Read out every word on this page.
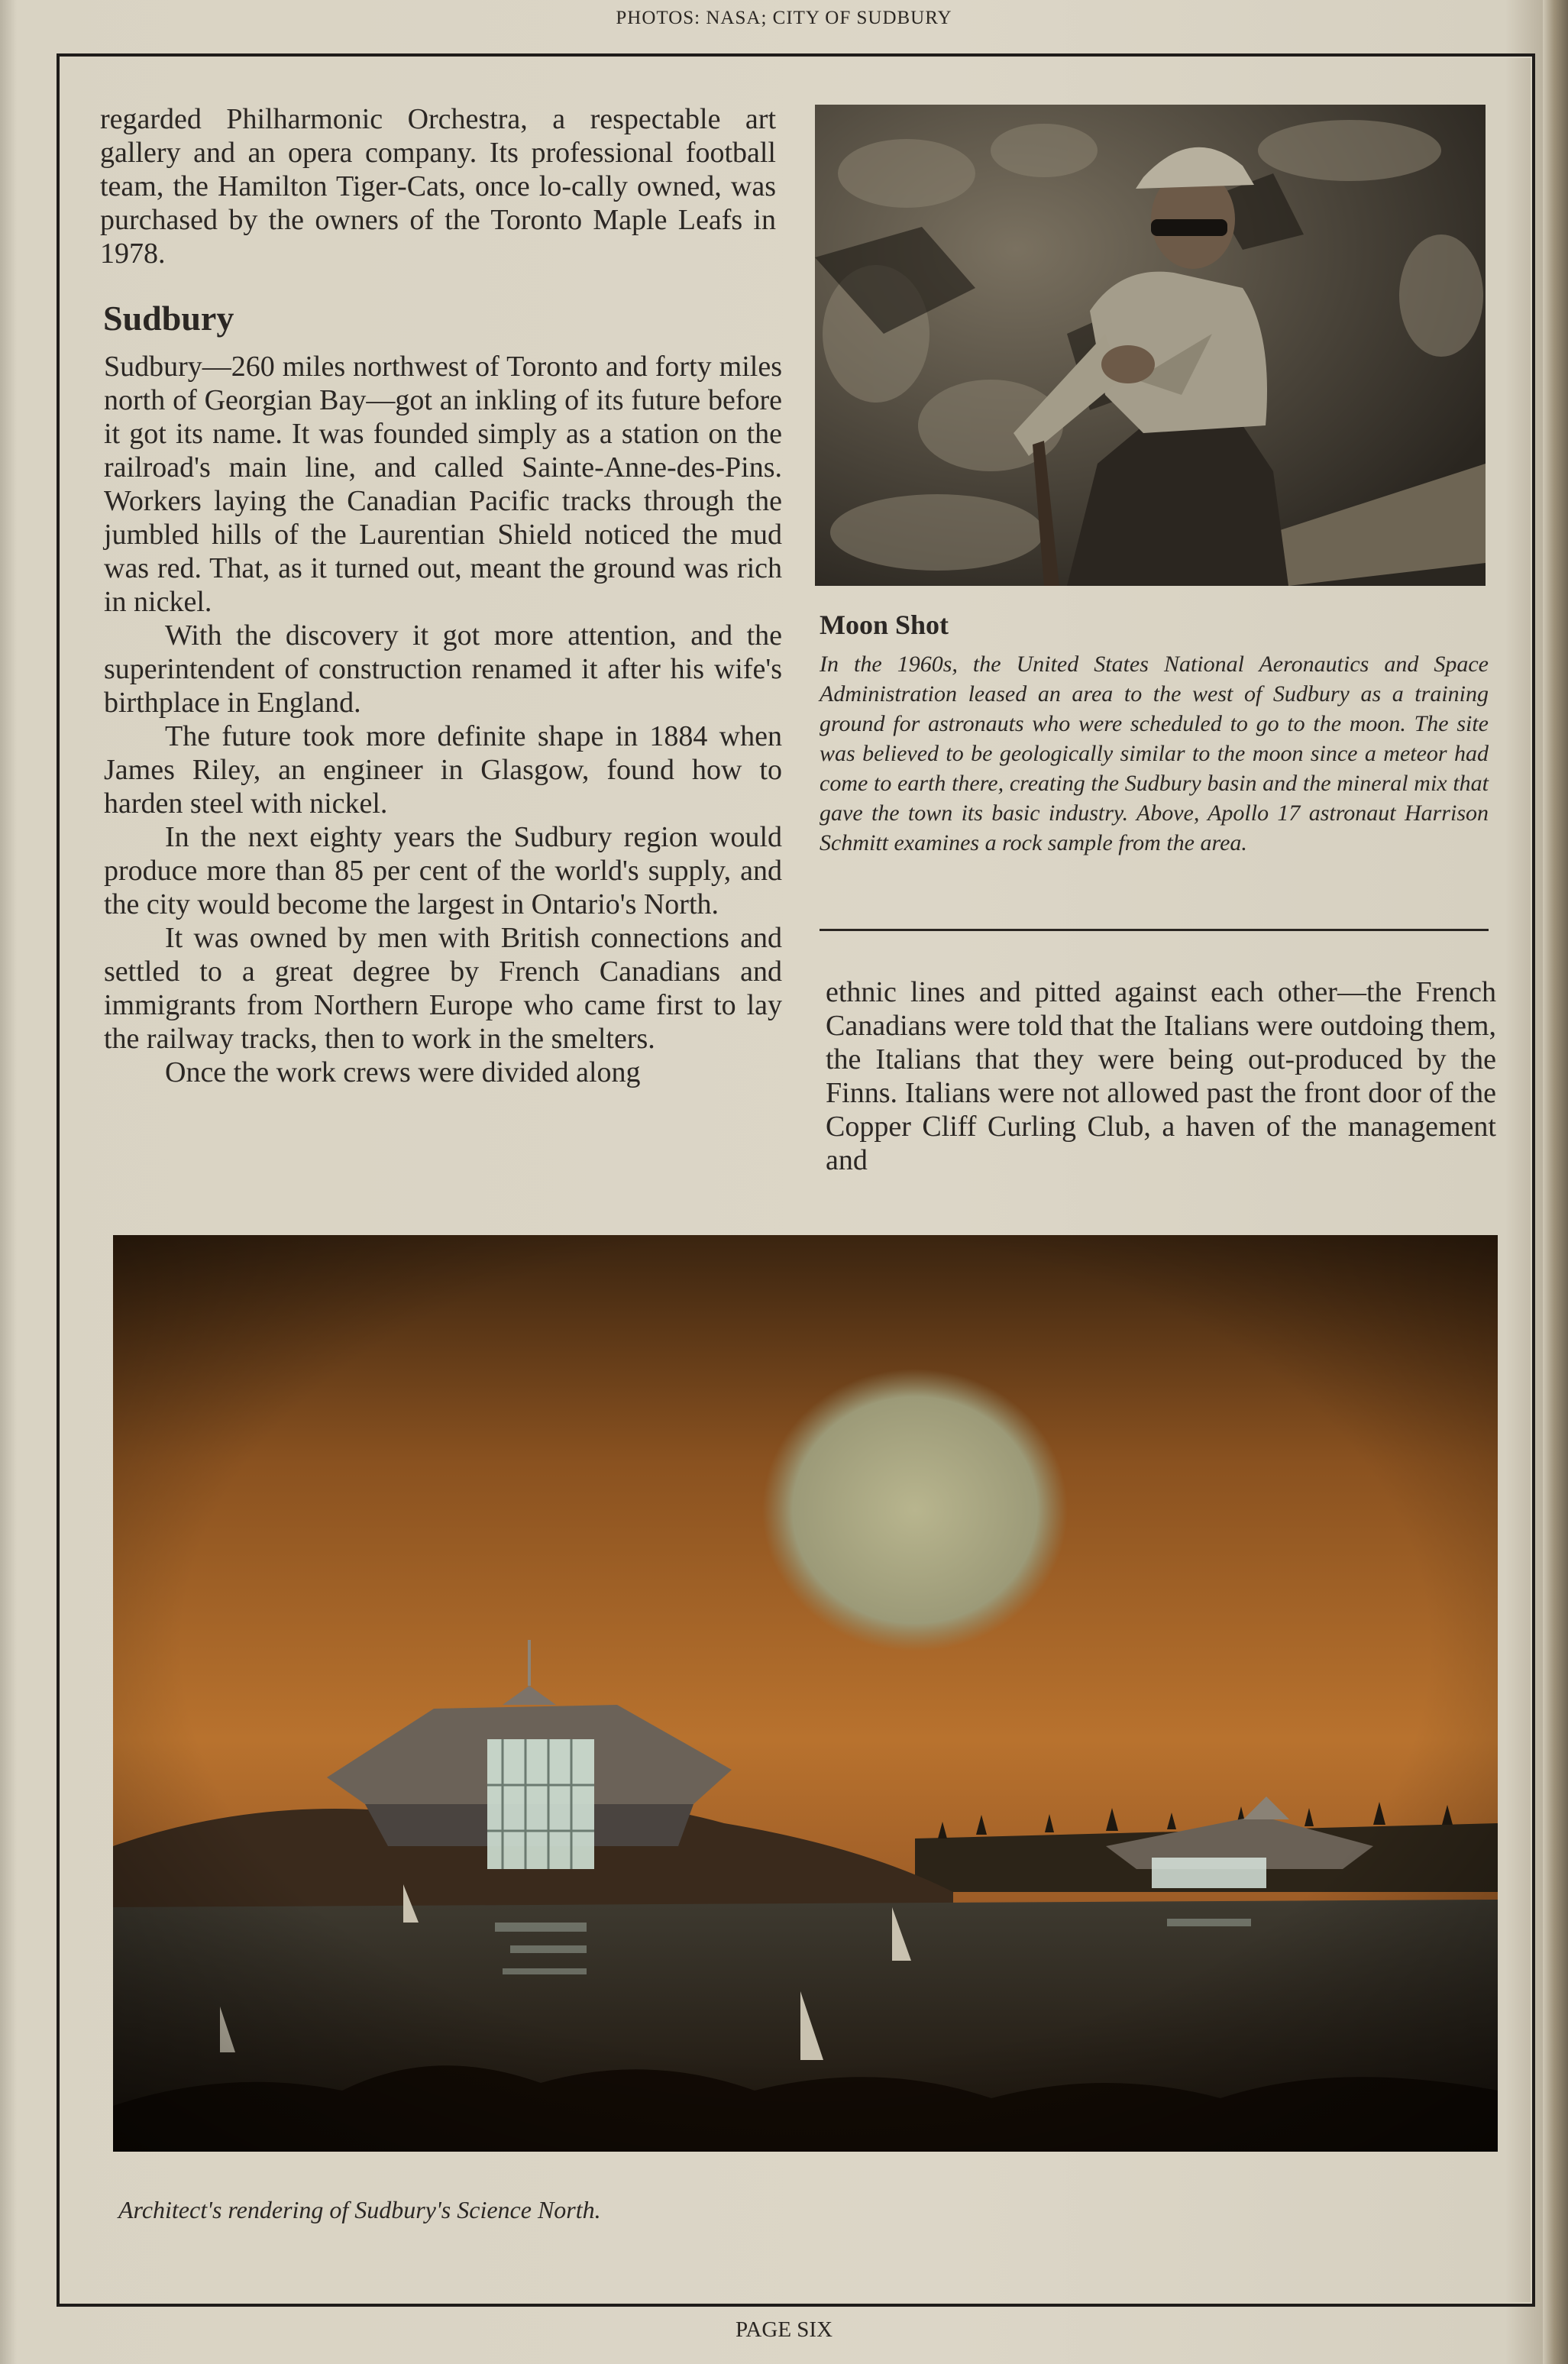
PHOTOS: NASA; CITY OF SUDBURY

regarded Philharmonic Orchestra, a respectable art gallery and an opera company. Its professional football team, the Hamilton Tiger-Cats, once lo-cally owned, was purchased by the owners of the Toronto Maple Leafs in 1978.

Sudbury

Sudbury—260 miles northwest of Toronto and forty miles north of Georgian Bay—got an inkling of its future before it got its name. It was founded simply as a station on the railroad's main line, and called Sainte-Anne-des-Pins. Workers laying the Canadian Pacific tracks through the jumbled hills of the Laurentian Shield noticed the mud was red. That, as it turned out, meant the ground was rich in nickel.

With the discovery it got more attention, and the superintendent of construction renamed it after his wife's birthplace in England.

The future took more definite shape in 1884 when James Riley, an engineer in Glasgow, found how to harden steel with nickel.

In the next eighty years the Sudbury region would produce more than 85 per cent of the world's supply, and the city would become the largest in Ontario's North.

It was owned by men with British connections and settled to a great degree by French Canadians and immigrants from Northern Europe who came first to lay the railway tracks, then to work in the smelters.

Once the work crews were divided along

Moon Shot

In the 1960s, the United States National Aeronautics and Space Administration leased an area to the west of Sudbury as a training ground for astronauts who were scheduled to go to the moon. The site was believed to be geologically similar to the moon since a meteor had come to earth there, creating the Sudbury basin and the mineral mix that gave the town its basic industry. Above, Apollo 17 astronaut Harrison Schmitt examines a rock sample from the area.

ethnic lines and pitted against each other—the French Canadians were told that the Italians were outdoing them, the Italians that they were being out-produced by the Finns. Italians were not allowed past the front door of the Copper Cliff Curling Club, a haven of the management and

Architect's rendering of Sudbury's Science North.

PAGE SIX
